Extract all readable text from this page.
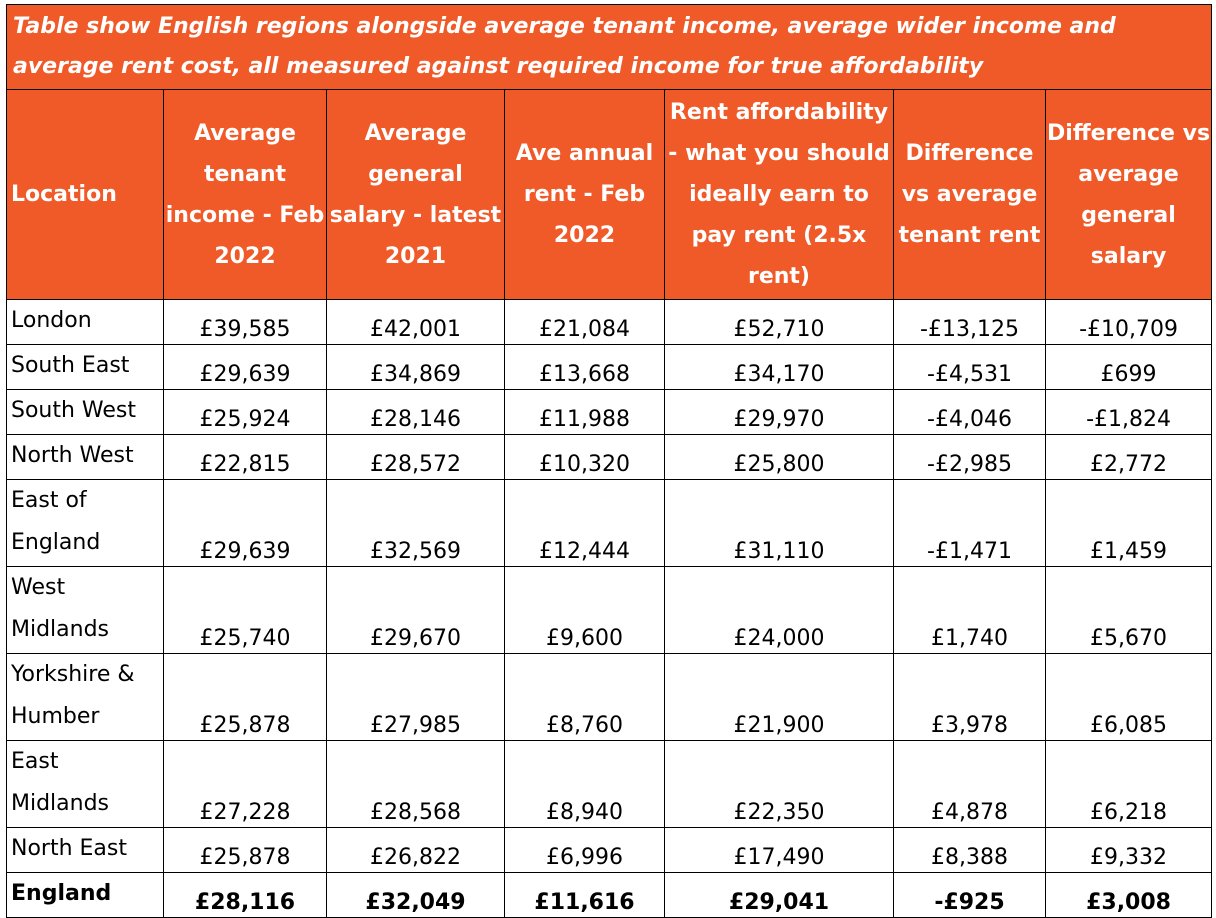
Table show English regions alongside average tenant income, average wider income and average rent cost, all measured against required income for true affordability						
Location	Average tenant income - Feb 2022	Average general salary - latest 2021	Ave annual rent - Feb 2022	Rent affordability - what you should ideally earn to pay rent (2.5x rent)	Difference vs average tenant rent	Difference vs average general salary
London	£39,585	£42,001	£21,084	£52,710	-£13,125	-£10,709
South East	£29,639	£34,869	£13,668	£34,170	-£4,531	£699
South West	£25,924	£28,146	£11,988	£29,970	-£4,046	-£1,824
North West	£22,815	£28,572	£10,320	£25,800	-£2,985	£2,772
East of England	£29,639	£32,569	£12,444	£31,110	-£1,471	£1,459
West Midlands	£25,740	£29,670	£9,600	£24,000	£1,740	£5,670
Yorkshire & Humber	£25,878	£27,985	£8,760	£21,900	£3,978	£6,085
East Midlands	£27,228	£28,568	£8,940	£22,350	£4,878	£6,218
North East	£25,878	£26,822	£6,996	£17,490	£8,388	£9,332
England	£28,116	£32,049	£11,616	£29,041	-£925	£3,008
